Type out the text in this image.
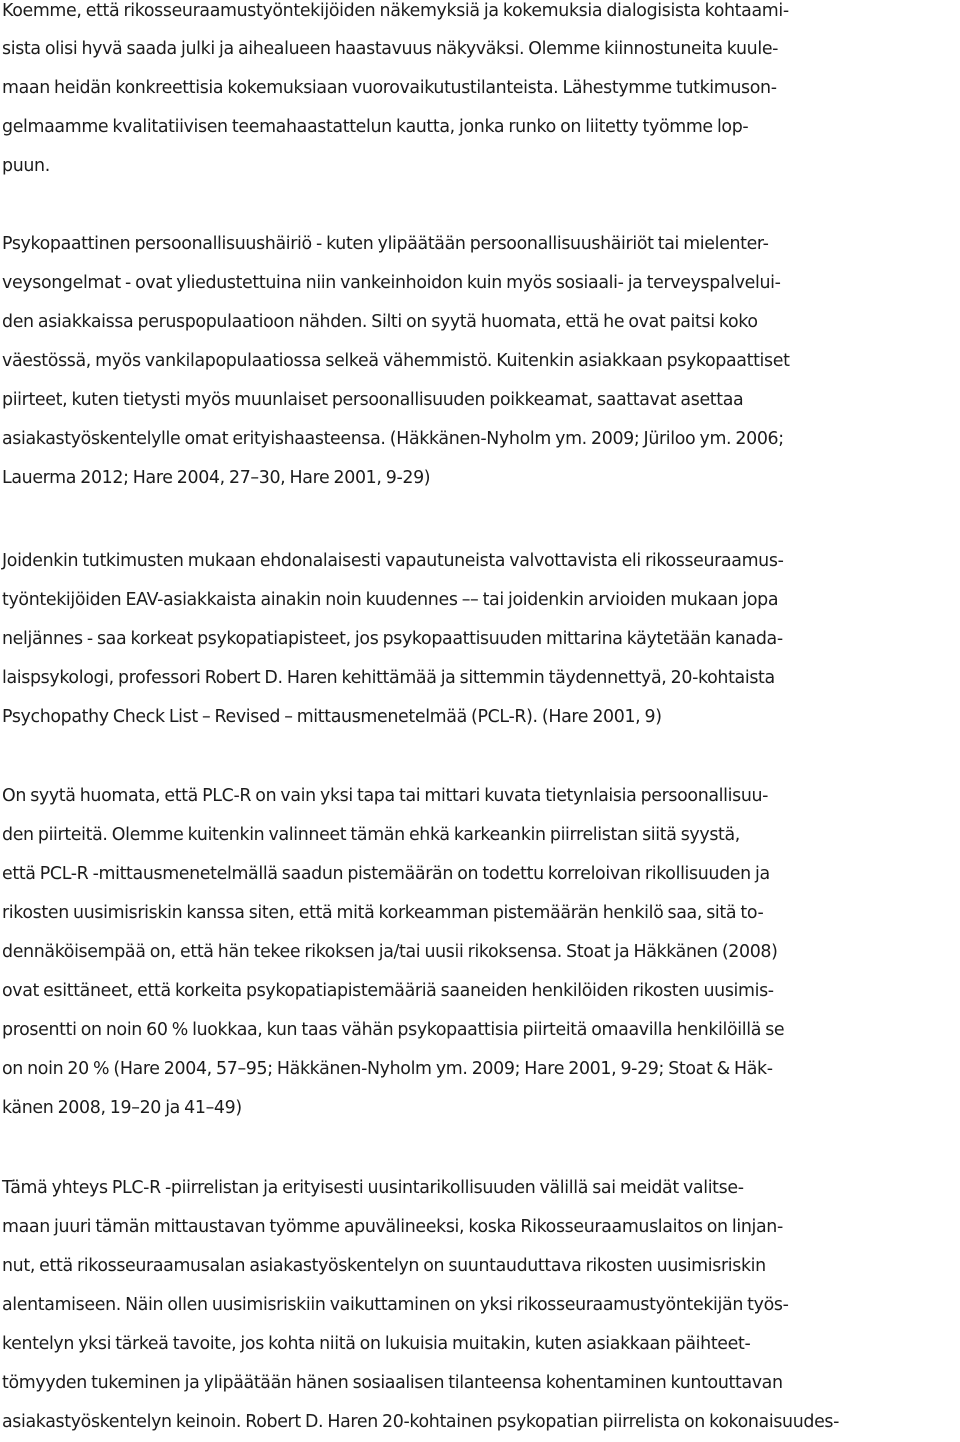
Koemme, että rikosseuraamustyöntekijöiden näkemyksiä ja kokemuksia dialogisista kohtaami-
sista olisi hyvä saada julki ja aihealueen haastavuus näkyväksi. Olemme kiinnostuneita kuule-
maan heidän konkreettisia kokemuksiaan vuorovaikutustilanteista. Lähestymme tutkimuson-
gelmaamme kvalitatiivisen teemahaastattelun kautta, jonka runko on liitetty työmme lop-
puun.
Psykopaattinen persoonallisuushäiriö - kuten ylipäätään persoonallisuushäiriöt tai mielenter-
veysongelmat - ovat yliedustettuina niin vankeinhoidon kuin myös sosiaali- ja terveyspalvelui-
den asiakkaissa peruspopulaatioon nähden. Silti on syytä huomata, että he ovat paitsi koko
väestössä, myös vankilapopulaatiossa selkeä vähemmistö. Kuitenkin asiakkaan psykopaattiset
piirteet, kuten tietysti myös muunlaiset persoonallisuuden poikkeamat, saattavat asettaa
asiakastyöskentelylle omat erityishaasteensa. (Häkkänen-Nyholm ym. 2009; Jüriloo ym. 2006;
Lauerma 2012; Hare 2004, 27–30, Hare 2001, 9-29)
Joidenkin tutkimusten mukaan ehdonalaisesti vapautuneista valvottavista eli rikosseuraamus-
työntekijöiden EAV-asiakkaista ainakin noin kuudennes –– tai joidenkin arvioiden mukaan jopa
neljännes - saa korkeat psykopatiapisteet, jos psykopaattisuuden mittarina käytetään kanada-
laispsykologi, professori Robert D. Haren kehittämää ja sittemmin täydennettyä, 20-kohtaista
Psychopathy Check List – Revised – mittausmenetelmää (PCL-R). (Hare 2001, 9)
On syytä huomata, että PLC-R on vain yksi tapa tai mittari kuvata tietynlaisia persoonallisuu-
den piirteitä. Olemme kuitenkin valinneet tämän ehkä karkeankin piirrelistan siitä syystä,
että PCL-R -mittausmenetelmällä saadun pistemäärän on todettu korreloivan rikollisuuden ja
rikosten uusimisriskin kanssa siten, että mitä korkeamman pistemäärän henkilö saa, sitä to-
dennäköisempää on, että hän tekee rikoksen ja/tai uusii rikoksensa. Stoat ja Häkkänen (2008)
ovat esittäneet, että korkeita psykopatiapistemääriä saaneiden henkilöiden rikosten uusimis-
prosentti on noin 60 % luokkaa, kun taas vähän psykopaattisia piirteitä omaavilla henkilöillä se
on noin 20 % (Hare 2004, 57–95; Häkkänen-Nyholm ym. 2009; Hare 2001, 9-29; Stoat & Häk-
känen 2008, 19–20 ja 41–49)
Tämä yhteys PLC-R -piirrelistan ja erityisesti uusintarikollisuuden välillä sai meidät valitse-
maan juuri tämän mittaustavan työmme apuvälineeksi, koska Rikosseuraamuslaitos on linjan-
nut, että rikosseuraamusalan asiakastyöskentelyn on suuntauduttava rikosten uusimisriskin
alentamiseen. Näin ollen uusimisriskiin vaikuttaminen on yksi rikosseuraamustyöntekijän työs-
kentelyn yksi tärkeä tavoite, jos kohta niitä on lukuisia muitakin, kuten asiakkaan päihteet-
tömyyden tukeminen ja ylipäätään hänen sosiaalisen tilanteensa kohentaminen kuntouttavan
asiakastyöskentelyn keinoin. Robert D. Haren 20-kohtainen psykopatian piirrelista on kokonaisuudes-
